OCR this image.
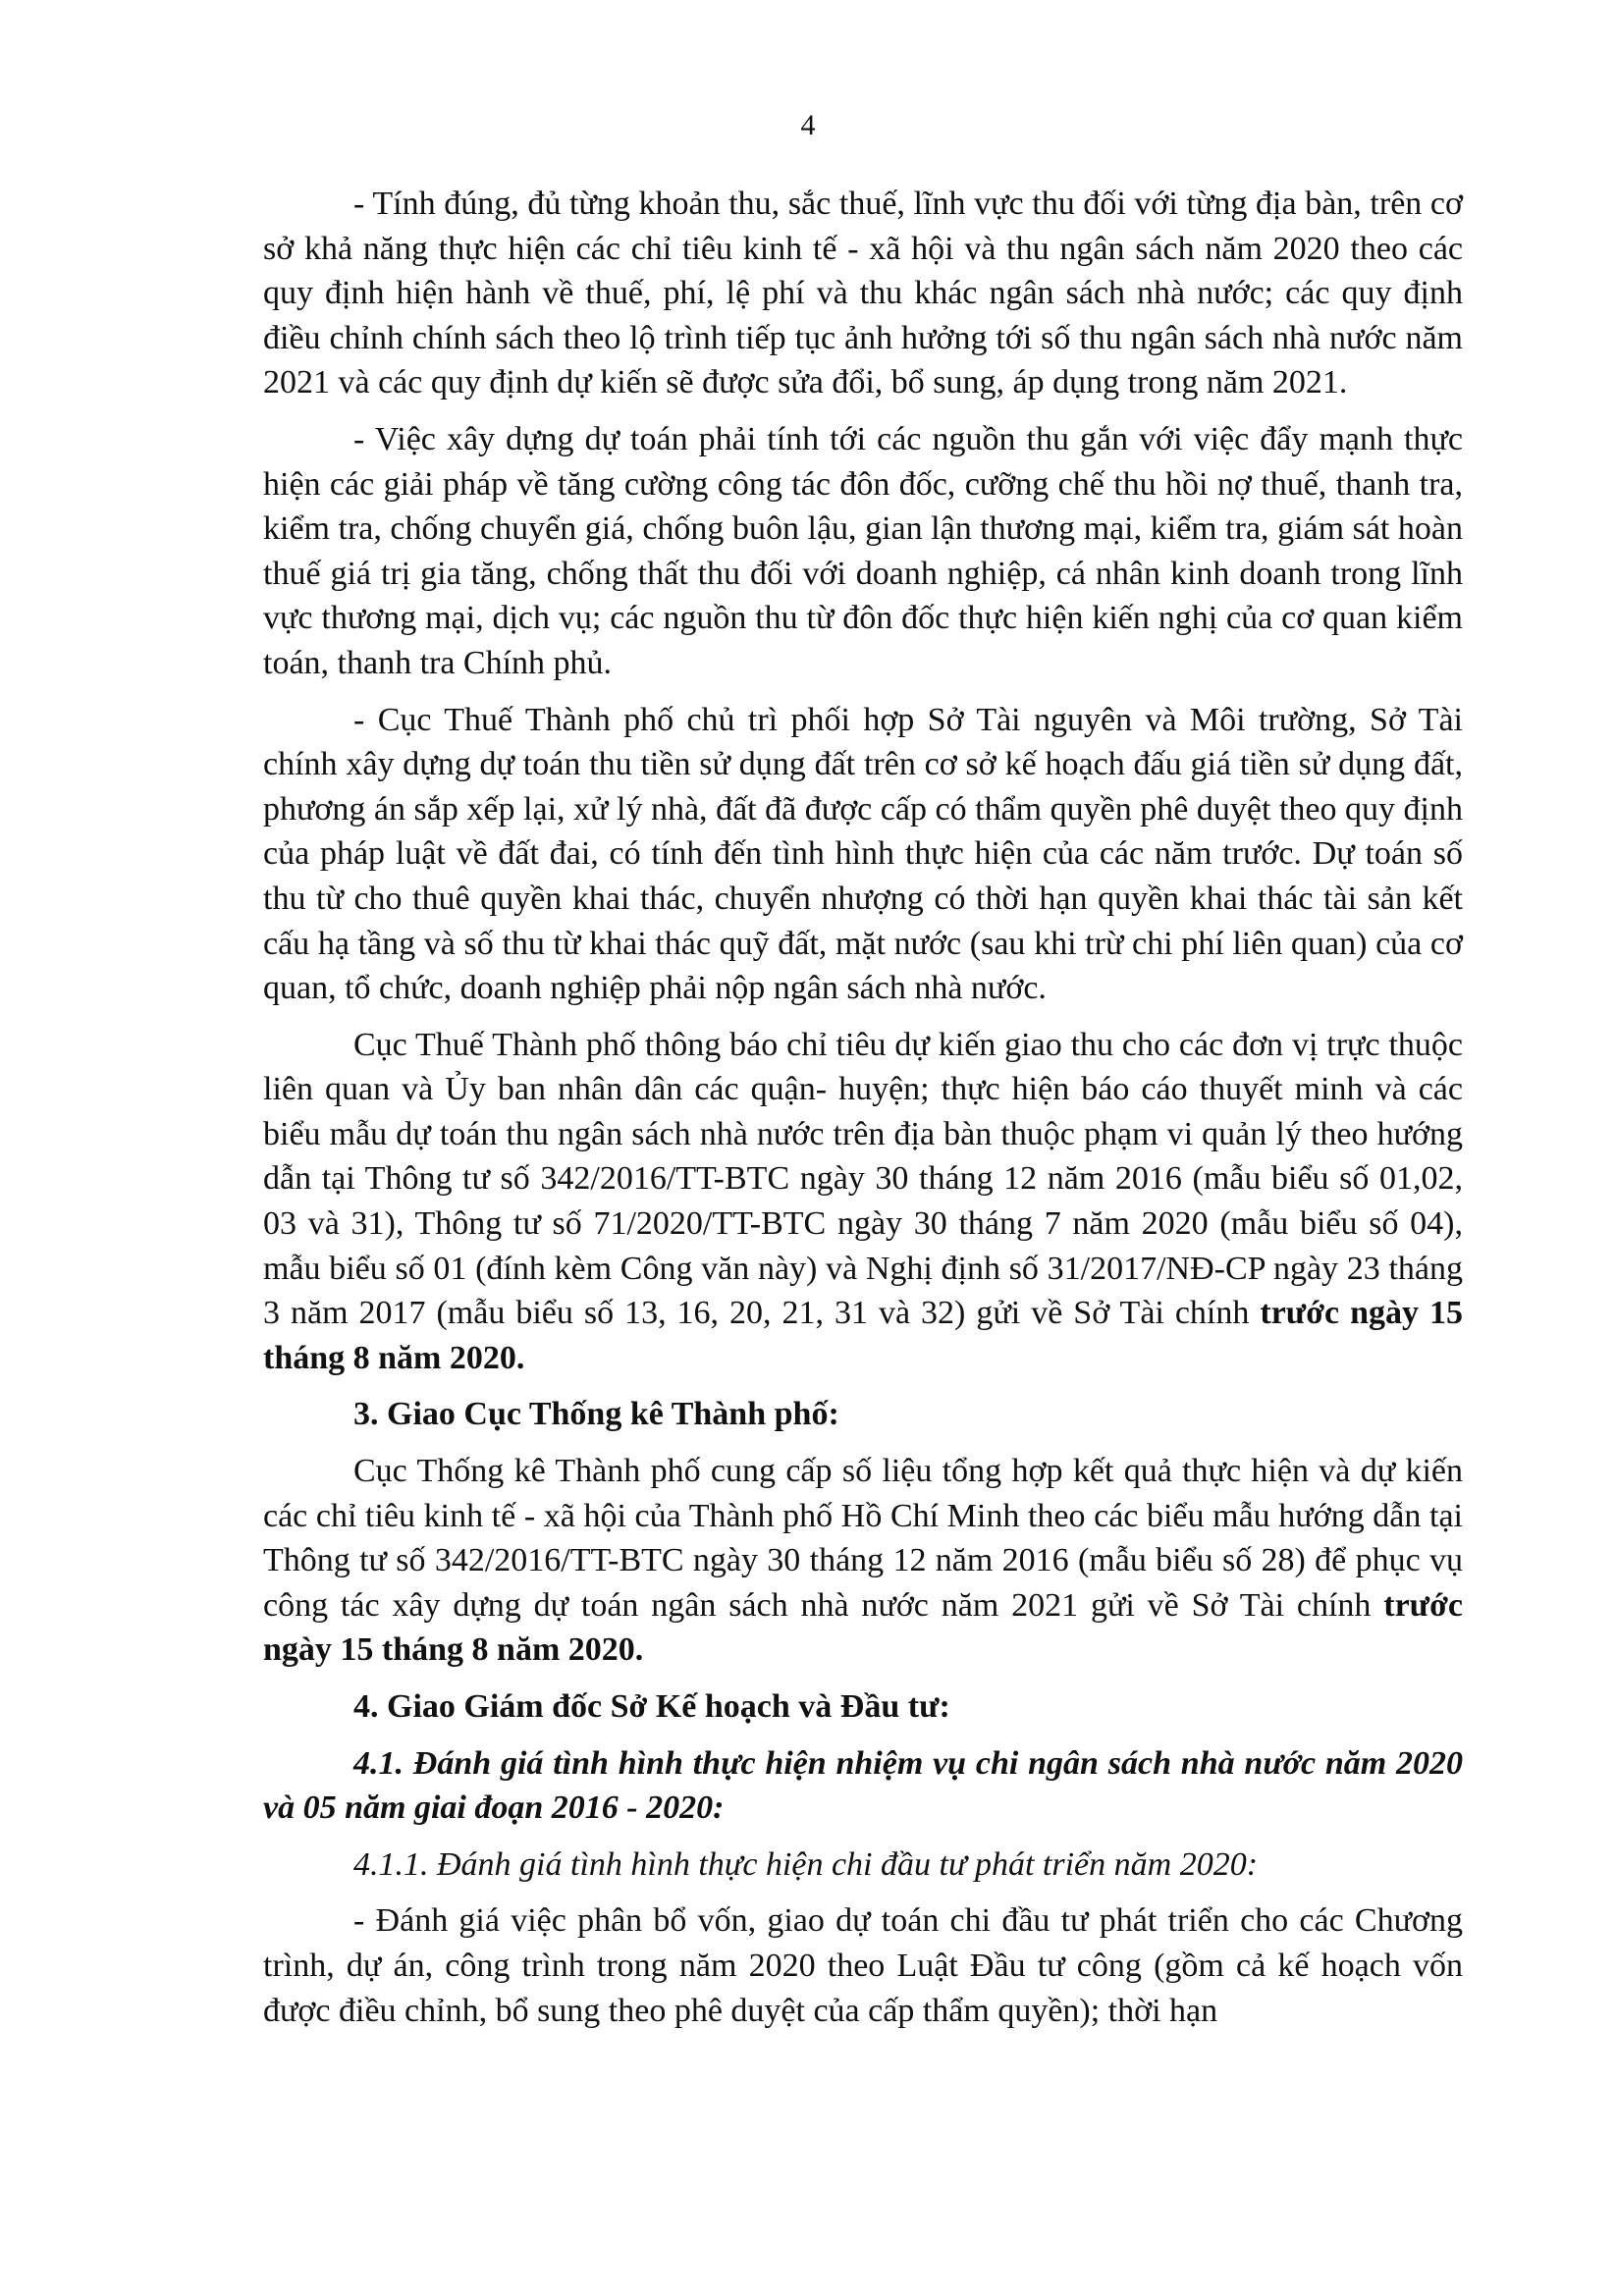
4

- Tính đúng, đủ từng khoản thu, sắc thuế, lĩnh vực thu đối với từng địa bàn, trên cơ sở khả năng thực hiện các chỉ tiêu kinh tế - xã hội và thu ngân sách năm 2020 theo các quy định hiện hành về thuế, phí, lệ phí và thu khác ngân sách nhà nước; các quy định điều chỉnh chính sách theo lộ trình tiếp tục ảnh hưởng tới số thu ngân sách nhà nước năm 2021 và các quy định dự kiến sẽ được sửa đổi, bổ sung, áp dụng trong năm 2021.

- Việc xây dựng dự toán phải tính tới các nguồn thu gắn với việc đẩy mạnh thực hiện các giải pháp về tăng cường công tác đôn đốc, cưỡng chế thu hồi nợ thuế, thanh tra, kiểm tra, chống chuyển giá, chống buôn lậu, gian lận thương mại, kiểm tra, giám sát hoàn thuế giá trị gia tăng, chống thất thu đối với doanh nghiệp, cá nhân kinh doanh trong lĩnh vực thương mại, dịch vụ; các nguồn thu từ đôn đốc thực hiện kiến nghị của cơ quan kiểm toán, thanh tra Chính phủ.

- Cục Thuế Thành phố chủ trì phối hợp Sở Tài nguyên và Môi trường, Sở Tài chính xây dựng dự toán thu tiền sử dụng đất trên cơ sở kế hoạch đấu giá tiền sử dụng đất, phương án sắp xếp lại, xử lý nhà, đất đã được cấp có thẩm quyền phê duyệt theo quy định của pháp luật về đất đai, có tính đến tình hình thực hiện của các năm trước. Dự toán số thu từ cho thuê quyền khai thác, chuyển nhượng có thời hạn quyền khai thác tài sản kết cấu hạ tầng và số thu từ khai thác quỹ đất, mặt nước (sau khi trừ chi phí liên quan) của cơ quan, tổ chức, doanh nghiệp phải nộp ngân sách nhà nước.

Cục Thuế Thành phố thông báo chỉ tiêu dự kiến giao thu cho các đơn vị trực thuộc liên quan và Ủy ban nhân dân các quận- huyện; thực hiện báo cáo thuyết minh và các biểu mẫu dự toán thu ngân sách nhà nước trên địa bàn thuộc phạm vi quản lý theo hướng dẫn tại Thông tư số 342/2016/TT-BTC ngày 30 tháng 12 năm 2016 (mẫu biểu số 01,02, 03 và 31), Thông tư số 71/2020/TT-BTC ngày 30 tháng 7 năm 2020 (mẫu biểu số 04), mẫu biểu số 01 (đính kèm Công văn này) và Nghị định số 31/2017/NĐ-CP ngày 23 tháng 3 năm 2017 (mẫu biểu số 13, 16, 20, 21, 31 và 32) gửi về Sở Tài chính trước ngày 15 tháng 8 năm 2020.

3. Giao Cục Thống kê Thành phố:

Cục Thống kê Thành phố cung cấp số liệu tổng hợp kết quả thực hiện và dự kiến các chỉ tiêu kinh tế - xã hội của Thành phố Hồ Chí Minh theo các biểu mẫu hướng dẫn tại Thông tư số 342/2016/TT-BTC ngày 30 tháng 12 năm 2016 (mẫu biểu số 28) để phục vụ công tác xây dựng dự toán ngân sách nhà nước năm 2021 gửi về Sở Tài chính trước ngày 15 tháng 8 năm 2020.

4. Giao Giám đốc Sở Kế hoạch và Đầu tư:

4.1. Đánh giá tình hình thực hiện nhiệm vụ chi ngân sách nhà nước năm 2020 và 05 năm giai đoạn 2016 - 2020:

4.1.1. Đánh giá tình hình thực hiện chi đầu tư phát triển năm 2020:

- Đánh giá việc phân bổ vốn, giao dự toán chi đầu tư phát triển cho các Chương trình, dự án, công trình trong năm 2020 theo Luật Đầu tư công (gồm cả kế hoạch vốn được điều chỉnh, bổ sung theo phê duyệt của cấp thẩm quyền); thời hạn
